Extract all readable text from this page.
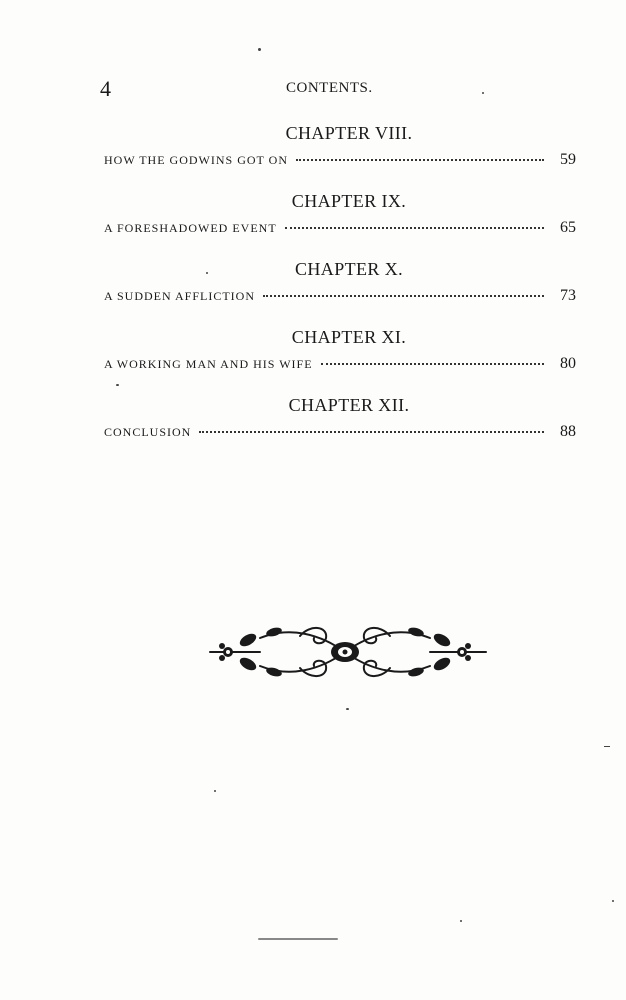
4	CONTENTS.
CHAPTER VIII.
HOW THE GODWINS GOT ON	59
CHAPTER IX.
A FORESHADOWED EVENT	65
CHAPTER X.
A SUDDEN AFFLICTION	73
CHAPTER XI.
A WORKING MAN AND HIS WIFE	80
CHAPTER XII.
CONCLUSION	88
